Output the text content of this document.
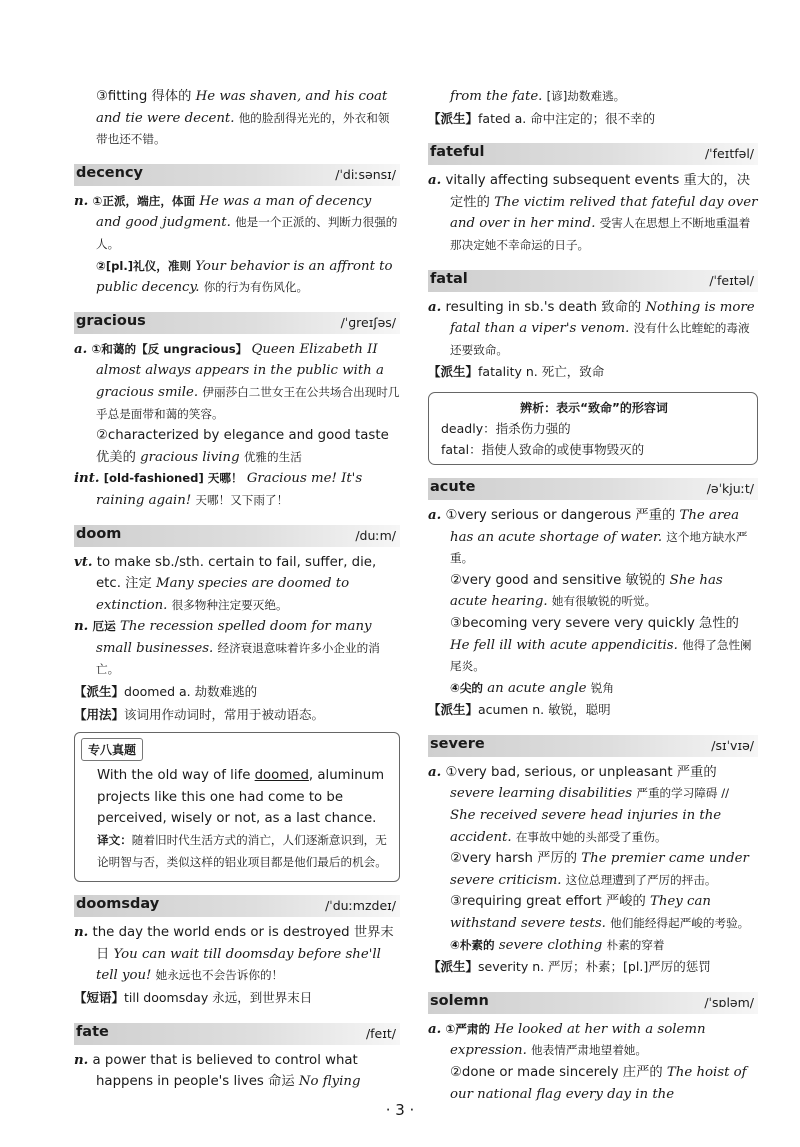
③fitting 得体的 He was shaven, and his coat and tie were decent. 他的脸刮得光光的，外衣和领带也还不错。

decency	/ˈdiːsənsɪ/

n. ①正派，端庄，体面 He was a man of decency and good judgment. 他是一个正派的、判断力很强的人。

②[pl.]礼仪，准则 Your behavior is an affront to public decency. 你的行为有伤风化。

gracious	/ˈɡreɪʃəs/

a. ①和蔼的【反 ungracious】 Queen Elizabeth II almost always appears in the public with a gracious smile. 伊丽莎白二世女王在公共场合出现时几乎总是面带和蔼的笑容。

②characterized by elegance and good taste 优美的 gracious living 优雅的生活

int. [old-fashioned] 天哪！ Gracious me! It's raining again! 天哪！又下雨了！

doom	/duːm/

vt. to make sb./sth. certain to fail, suffer, die, etc. 注定 Many species are doomed to extinction. 很多物种注定要灭绝。

n. 厄运 The recession spelled doom for many small businesses. 经济衰退意味着许多小企业的消亡。

【派生】doomed a. 劫数难逃的

【用法】该词用作动词时，常用于被动语态。

专八真题

With the old way of life doomed, aluminum projects like this one had come to be perceived, wisely or not, as a last chance.

译文：随着旧时代生活方式的消亡，人们逐渐意识到，无论明智与否，类似这样的铝业项目都是他们最后的机会。

doomsday	/ˈduːmzdeɪ/

n. the day the world ends or is destroyed 世界末日 You can wait till doomsday before she'll tell you! 她永远也不会告诉你的！

【短语】till doomsday 永远，到世界末日

fate	/feɪt/

n. a power that is believed to control what happens in people's lives 命运 No flying

from the fate. [谚]劫数难逃。

【派生】fated a. 命中注定的；很不幸的

fateful	/ˈfeɪtfəl/

a. vitally affecting subsequent events 重大的，决定性的 The victim relived that fateful day over and over in her mind. 受害人在思想上不断地重温着那决定她不幸命运的日子。

fatal	/ˈfeɪtəl/

a. resulting in sb.'s death 致命的 Nothing is more fatal than a viper's venom. 没有什么比蝰蛇的毒液还要致命。

【派生】fatality n. 死亡，致命

辨析：表示“致命”的形容词
deadly：指杀伤力强的
fatal：指使人致命的或使事物毁灭的
acute	/əˈkjuːt/

a. ①very serious or dangerous 严重的 The area has an acute shortage of water. 这个地方缺水严重。

②very good and sensitive 敏锐的 She has acute hearing. 她有很敏锐的听觉。

③becoming very severe very quickly 急性的 He fell ill with acute appendicitis. 他得了急性阑尾炎。

④尖的 an acute angle 锐角

【派生】acumen n. 敏锐，聪明

severe	/sɪˈvɪə/

a. ①very bad, serious, or unpleasant 严重的 severe learning disabilities 严重的学习障碍 // She received severe head injuries in the accident. 在事故中她的头部受了重伤。

②very harsh 严厉的 The premier came under severe criticism. 这位总理遭到了严厉的抨击。

③requiring great effort 严峻的 They can withstand severe tests. 他们能经得起严峻的考验。

④朴素的 severe clothing 朴素的穿着

【派生】severity n. 严厉；朴素；[pl.]严厉的惩罚

solemn	/ˈsɒləm/

a. ①严肃的 He looked at her with a solemn expression. 他表情严肃地望着她。

②done or made sincerely 庄严的 The hoist of our national flag every day in the

· 3 ·
